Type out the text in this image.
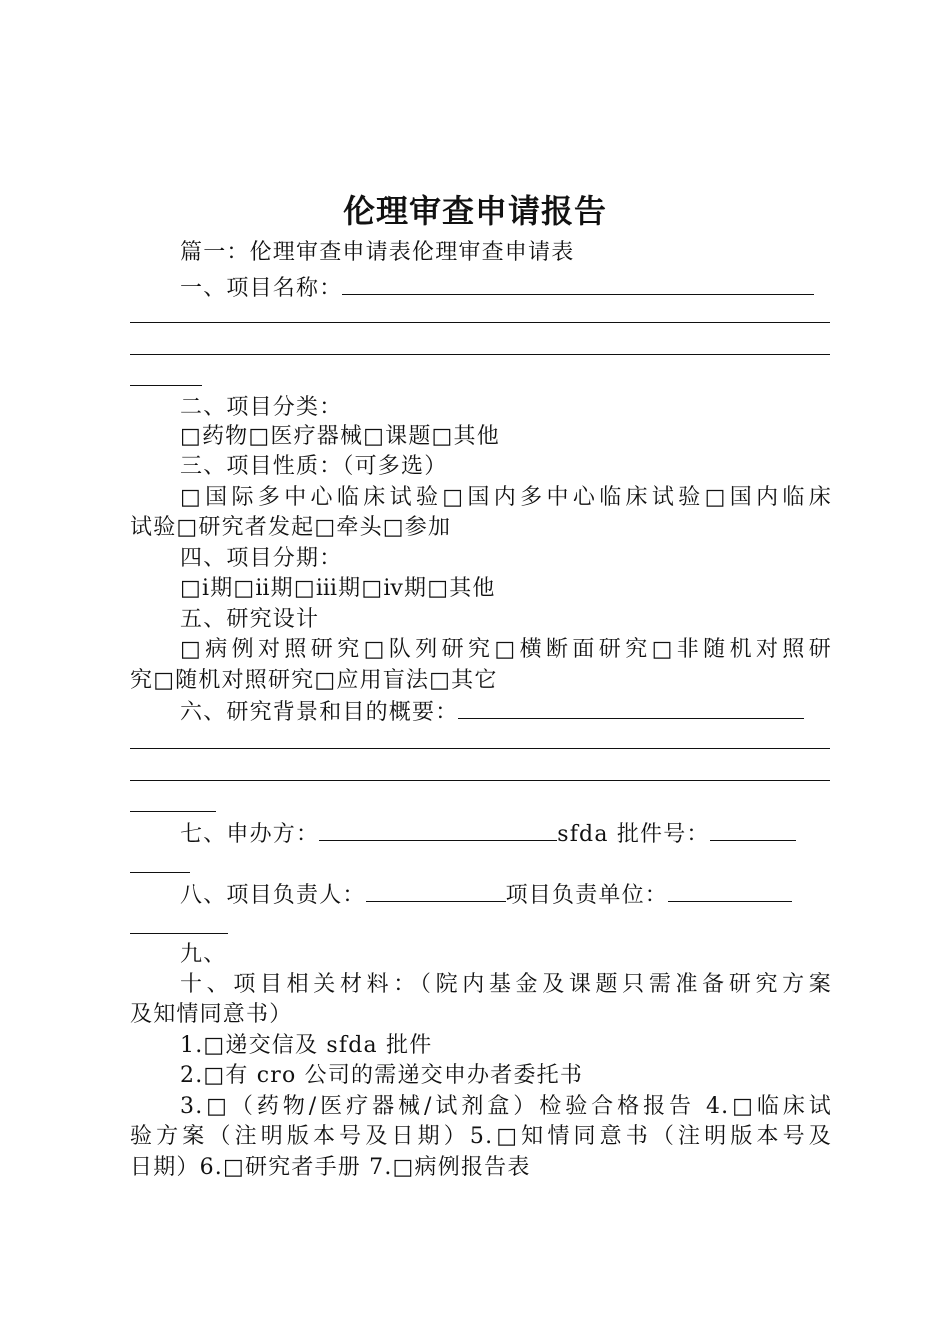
伦理审查申请报告
篇一：伦理审查申请表伦理审查申请表
一、项目名称：
二、项目分类：
□药物□医疗器械□课题□其他
三、项目性质：（可多选）
□国际多中心临床试验□国内多中心临床试验□国内临床
试验□研究者发起□牵头□参加
四、项目分期：
□ⅰ期□ⅱ期□ⅲ期□ⅳ期□其他
五、研究设计
□病例对照研究□队列研究□横断面研究□非随机对照研
究□随机对照研究□应用盲法□其它
六、研究背景和目的概要：
七、申办方：	sfda 批件号：
八、项目负责人：	项目负责单位：
九、
十、项目相关材料：（院内基金及课题只需准备研究方案
及知情同意书）
1.□递交信及 sfda 批件
2.□有 cro 公司的需递交申办者委托书
3.□（药物/医疗器械/试剂盒）检验合格报告 4.□临床试
验方案（注明版本号及日期）5.□知情同意书（注明版本号及
日期）6.□研究者手册 7.□病例报告表
